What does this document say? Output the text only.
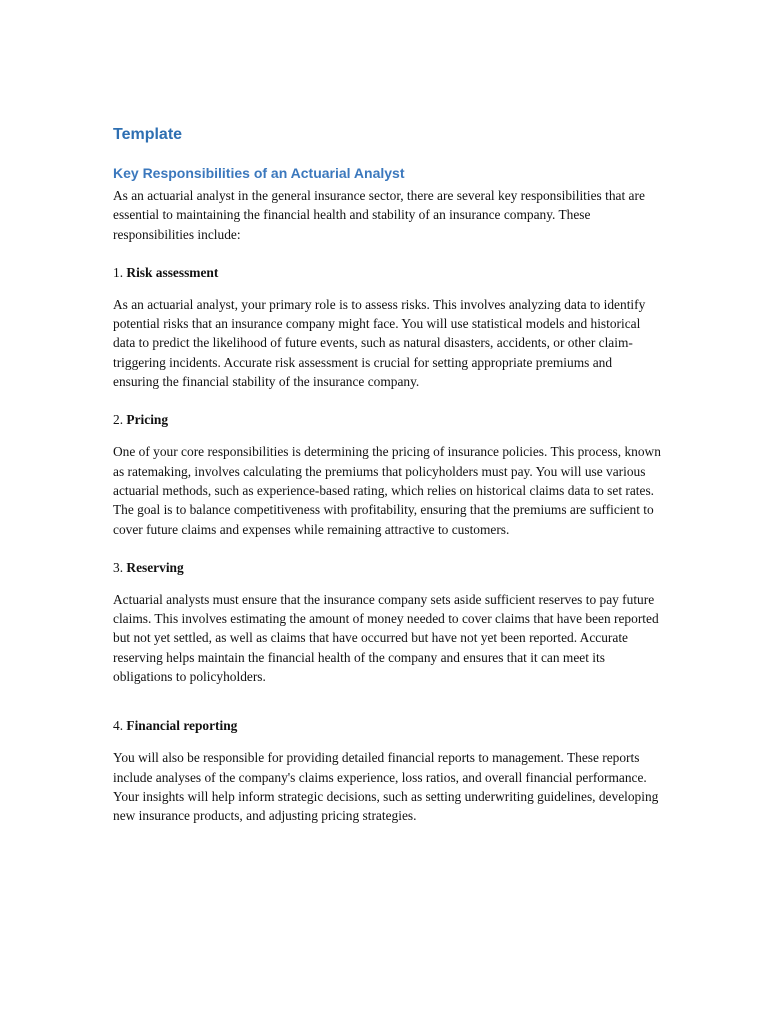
Template
Key Responsibilities of an Actuarial Analyst

As an actuarial analyst in the general insurance sector, there are several key responsibilities that are essential to maintaining the financial health and stability of an insurance company. These responsibilities include:

1. Risk assessment

As an actuarial analyst, your primary role is to assess risks. This involves analyzing data to identify potential risks that an insurance company might face. You will use statistical models and historical data to predict the likelihood of future events, such as natural disasters, accidents, or other claim-triggering incidents. Accurate risk assessment is crucial for setting appropriate premiums and ensuring the financial stability of the insurance company.

2. Pricing

One of your core responsibilities is determining the pricing of insurance policies. This process, known as ratemaking, involves calculating the premiums that policyholders must pay. You will use various actuarial methods, such as experience-based rating, which relies on historical claims data to set rates. The goal is to balance competitiveness with profitability, ensuring that the premiums are sufficient to cover future claims and expenses while remaining attractive to customers.

3. Reserving

Actuarial analysts must ensure that the insurance company sets aside sufficient reserves to pay future claims. This involves estimating the amount of money needed to cover claims that have been reported but not yet settled, as well as claims that have occurred but have not yet been reported. Accurate reserving helps maintain the financial health of the company and ensures that it can meet its obligations to policyholders.

4. Financial reporting

You will also be responsible for providing detailed financial reports to management. These reports include analyses of the company's claims experience, loss ratios, and overall financial performance. Your insights will help inform strategic decisions, such as setting underwriting guidelines, developing new insurance products, and adjusting pricing strategies.
